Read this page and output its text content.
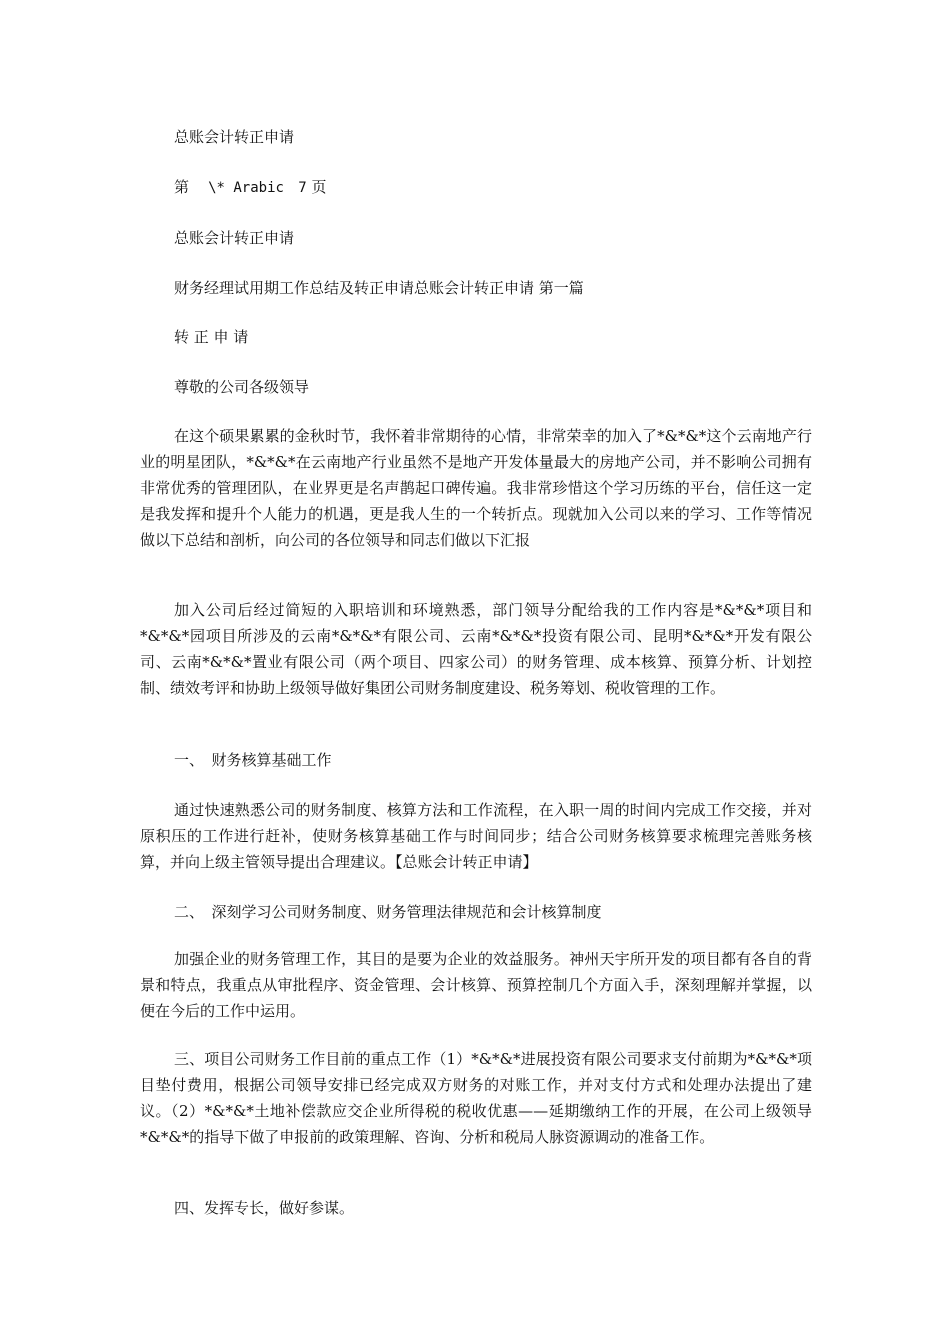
总账会计转正申请
第 \* Arabic 7 页
总账会计转正申请
财务经理试用期工作总结及转正申请总账会计转正申请 第一篇
转 正 申 请
尊敬的公司各级领导

在这个硕果累累的金秋时节，我怀着非常期待的心情，非常荣幸的加入了*&*&*这个云南地产行业的明星团队，*&*&*在云南地产行业虽然不是地产开发体量最大的房地产公司，并不影响公司拥有非常优秀的管理团队，在业界更是名声鹊起口碑传遍。我非常珍惜这个学习历练的平台，信任这一定是我发挥和提升个人能力的机遇，更是我人生的一个转折点。现就加入公司以来的学习、工作等情况做以下总结和剖析，向公司的各位领导和同志们做以下汇报

加入公司后经过简短的入职培训和环境熟悉，部门领导分配给我的工作内容是*&*&*项目和*&*&*园项目所涉及的云南*&*&*有限公司、云南*&*&*投资有限公司、昆明*&*&*开发有限公司、云南*&*&*置业有限公司（两个项目、四家公司）的财务管理、成本核算、预算分析、计划控制、绩效考评和协助上级领导做好集团公司财务制度建设、税务筹划、税收管理的工作。

一、　财务核算基础工作

通过快速熟悉公司的财务制度、核算方法和工作流程，在入职一周的时间内完成工作交接，并对原积压的工作进行赶补，使财务核算基础工作与时间同步；结合公司财务核算要求梳理完善账务核算，并向上级主管领导提出合理建议。【总账会计转正申请】

二、　深刻学习公司财务制度、财务管理法律规范和会计核算制度

加强企业的财务管理工作，其目的是要为企业的效益服务。神州天宇所开发的项目都有各自的背景和特点，我重点从审批程序、资金管理、会计核算、预算控制几个方面入手，深刻理解并掌握，以便在今后的工作中运用。

三、项目公司财务工作目前的重点工作（1）*&*&*进展投资有限公司要求支付前期为*&*&*项目垫付费用，根据公司领导安排已经完成双方财务的对账工作，并对支付方式和处理办法提出了建议。（2）*&*&*土地补偿款应交企业所得税的税收优惠——延期缴纳工作的开展，在公司上级领导*&*&*的指导下做了申报前的政策理解、咨询、分析和税局人脉资源调动的准备工作。

四、发挥专长，做好参谋。
